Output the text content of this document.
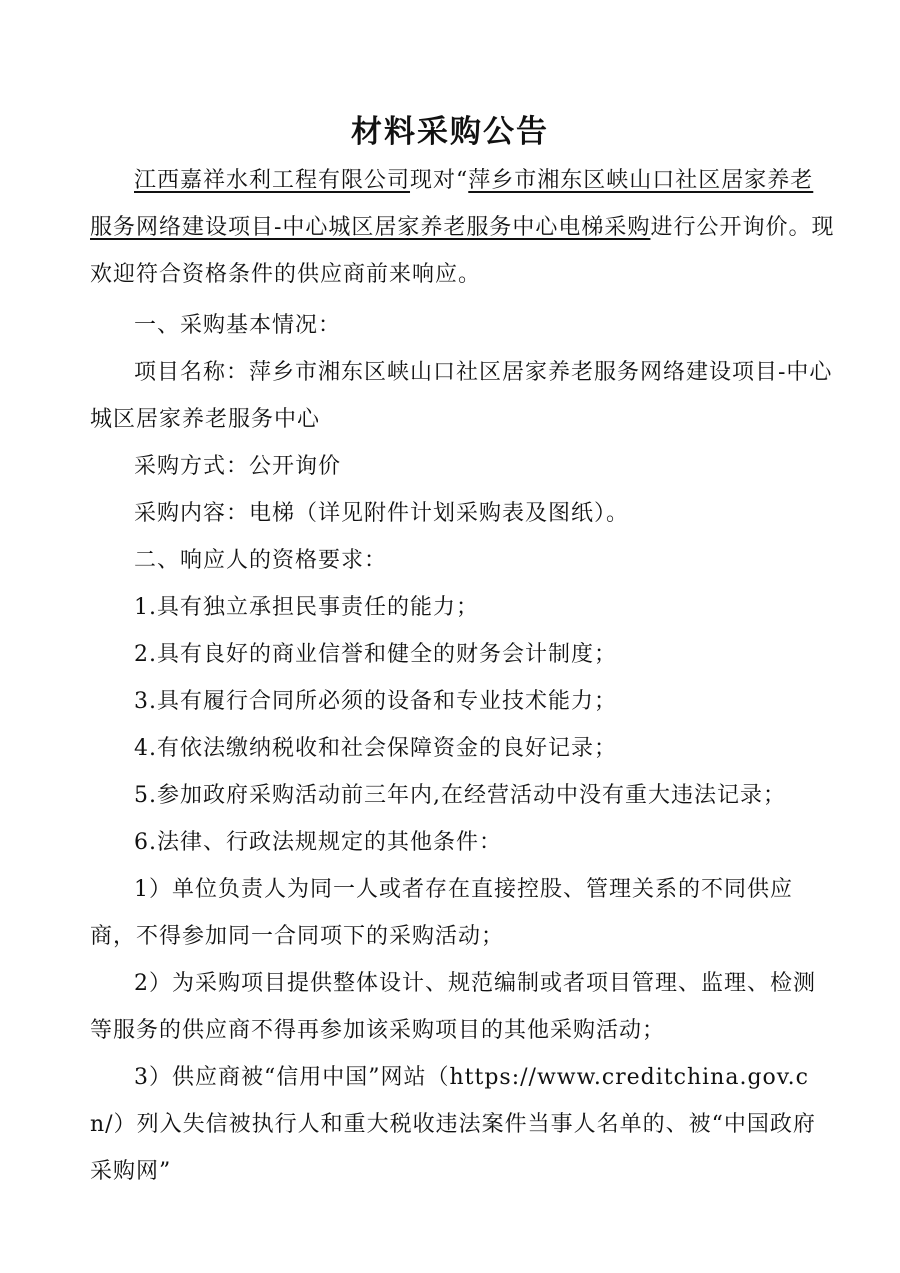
材料采购公告

江西嘉祥水利工程有限公司现对“萍乡市湘东区峡山口社区居家养老服务网络建设项目-中心城区居家养老服务中心电梯采购进行公开询价。现欢迎符合资格条件的供应商前来响应。

一、采购基本情况：

项目名称：萍乡市湘东区峡山口社区居家养老服务网络建设项目-中心城区居家养老服务中心

采购方式：公开询价

采购内容：电梯（详见附件计划采购表及图纸）。

二、响应人的资格要求：

1.具有独立承担民事责任的能力；

2.具有良好的商业信誉和健全的财务会计制度；

3.具有履行合同所必须的设备和专业技术能力；

4.有依法缴纳税收和社会保障资金的良好记录；

5.参加政府采购活动前三年内,在经营活动中没有重大违法记录；

6.法律、行政法规规定的其他条件：

1）单位负责人为同一人或者存在直接控股、管理关系的不同供应商，不得参加同一合同项下的采购活动；

2）为采购项目提供整体设计、规范编制或者项目管理、监理、检测等服务的供应商不得再参加该采购项目的其他采购活动；

3）供应商被“信用中国”网站（https://www.creditchina.gov.cn/）列入失信被执行人和重大税收违法案件当事人名单的、被“中国政府采购网”
